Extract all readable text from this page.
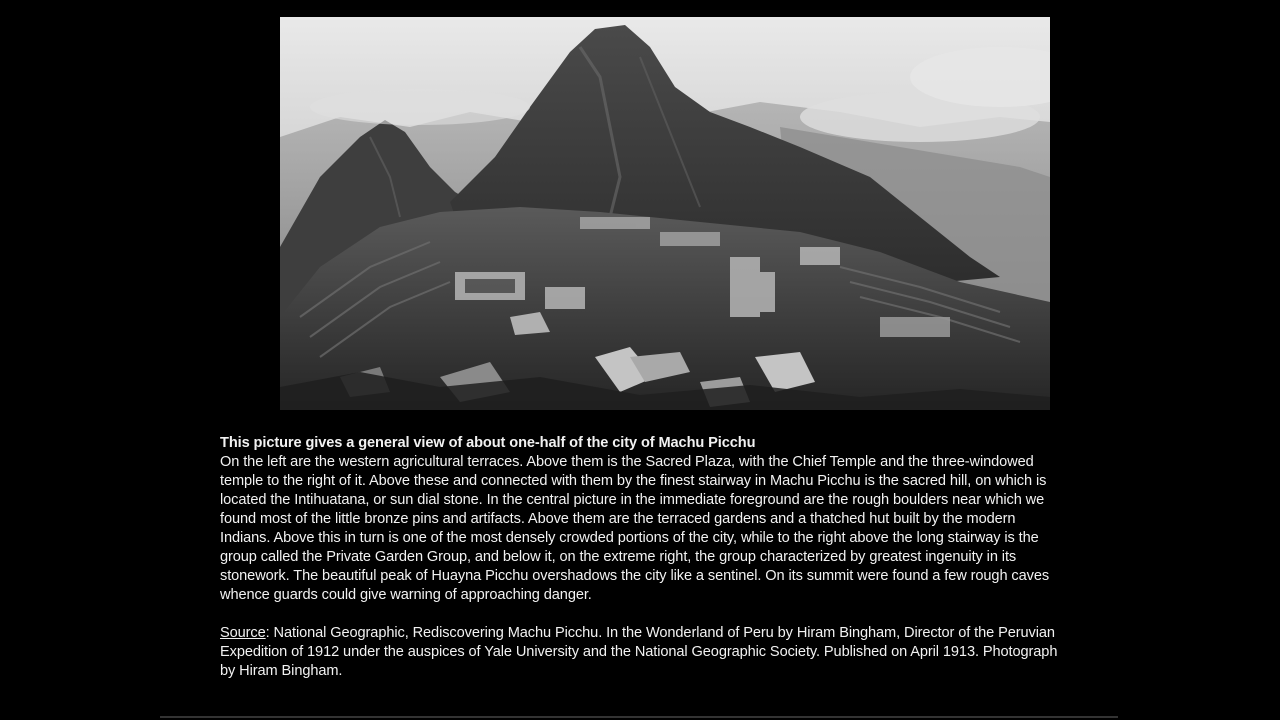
This picture gives a general view of about one-half of the city of Machu Picchu

On the left are the western agricultural terraces. Above them is the Sacred Plaza, with the Chief Temple and the three-windowed temple to the right of it. Above these and connected with them by the finest stairway in Machu Picchu is the sacred hill, on which is located the Intihuatana, or sun dial stone. In the central picture in the immediate foreground are the rough boulders near which we found most of the little bronze pins and artifacts. Above them are the terraced gardens and a thatched hut built by the modern Indians. Above this in turn is one of the most densely crowded portions of the city, while to the right above the long stairway is the group called the Private Garden Group, and below it, on the extreme right, the group characterized by greatest ingenuity in its stonework. The beautiful peak of Huayna Picchu overshadows the city like a sentinel. On its summit were found a few rough caves whence guards could give warning of approaching danger.

Source: National Geographic, Rediscovering Machu Picchu. In the Wonderland of Peru by Hiram Bingham, Director of the Peruvian Expedition of 1912 under the auspices of Yale University and the National Geographic Society. Published on April 1913. Photograph by Hiram Bingham.
